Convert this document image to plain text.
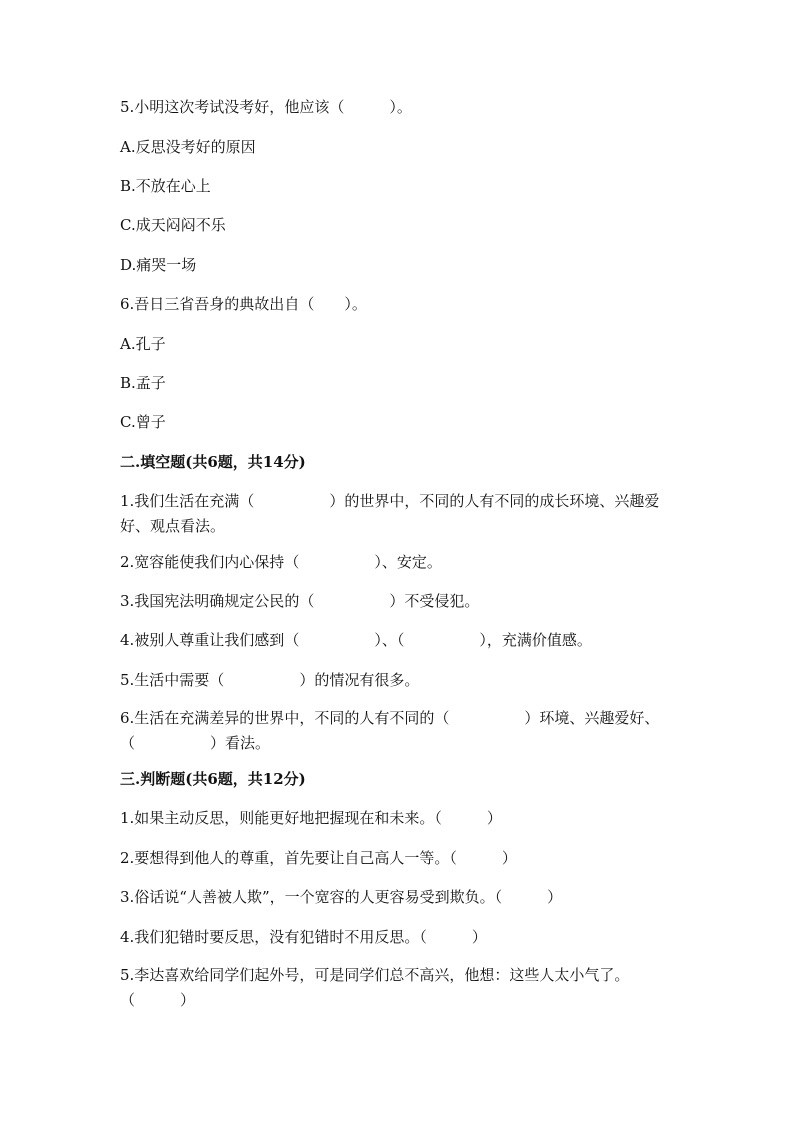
5.小明这次考试没考好，他应该（　　　）。
A.反思没考好的原因
B.不放在心上
C.成天闷闷不乐
D.痛哭一场
6.吾日三省吾身的典故出自（　　）。
A.孔子
B.孟子
C.曾子
二.填空题(共6题，共14分)
1.我们生活在充满（　　　　　）的世界中，不同的人有不同的成长环境、兴趣爱好、观点看法。
2.宽容能使我们内心保持（　　　　　）、安定。
3.我国宪法明确规定公民的（　　　　　）不受侵犯。
4.被别人尊重让我们感到（　　　　　）、（　　　　　），充满价值感。
5.生活中需要（　　　　　）的情况有很多。
6.生活在充满差异的世界中，不同的人有不同的（　　　　　）环境、兴趣爱好、（　　　　　）看法。
三.判断题(共6题，共12分)
1.如果主动反思，则能更好地把握现在和未来。（　　　）
2.要想得到他人的尊重，首先要让自己高人一等。（　　　）
3.俗话说“人善被人欺”，一个宽容的人更容易受到欺负。（　　　）
4.我们犯错时要反思，没有犯错时不用反思。（　　　）
5.李达喜欢给同学们起外号，可是同学们总不高兴，他想：这些人太小气了。（　　　）
